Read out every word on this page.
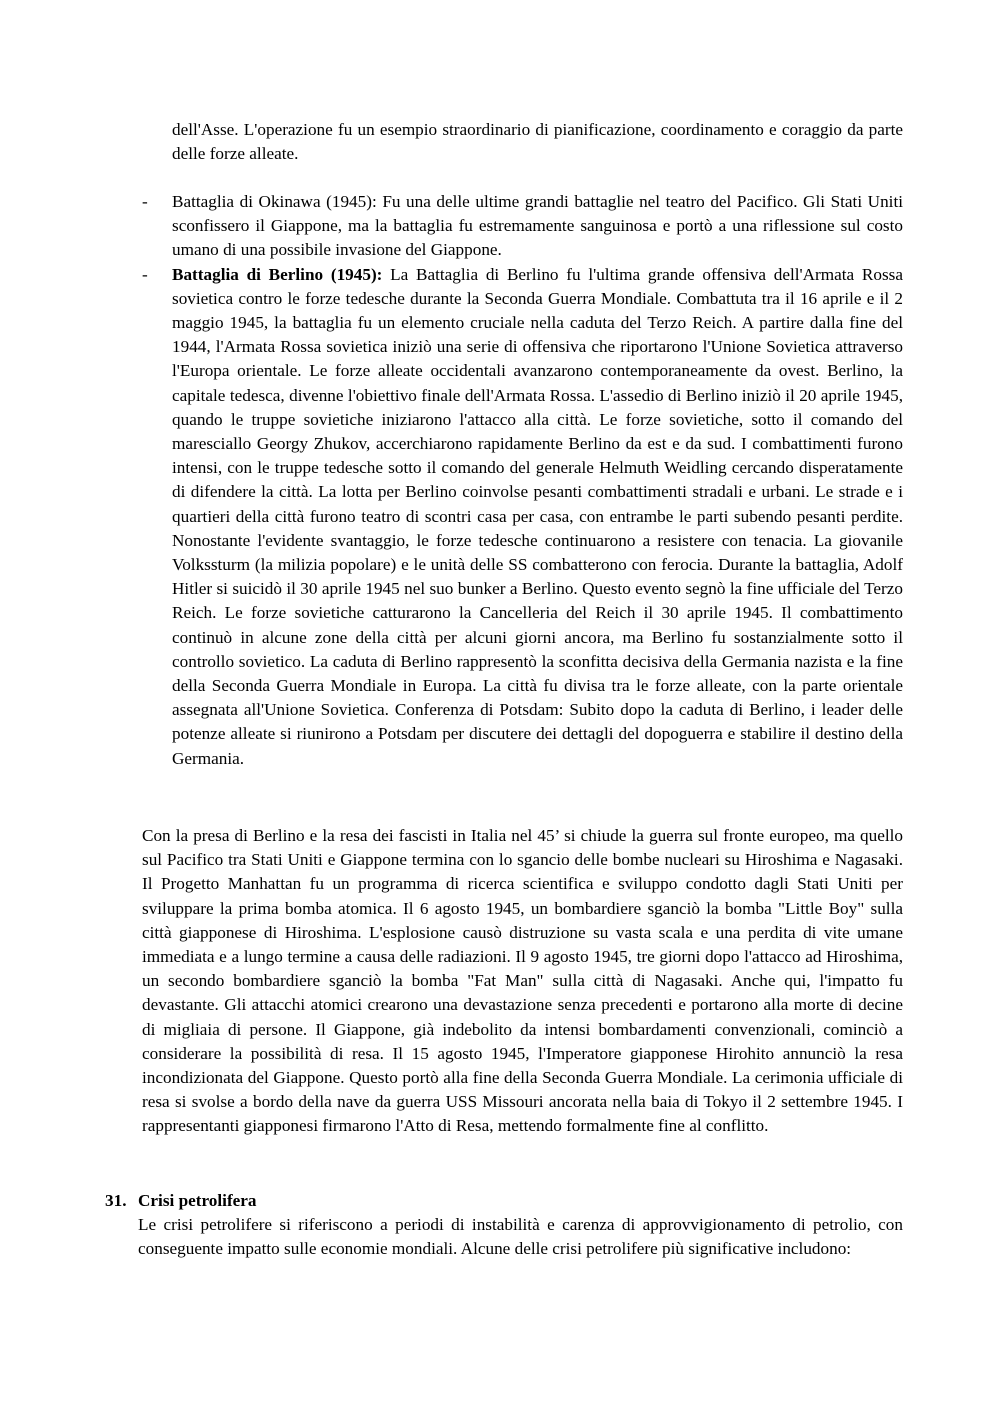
dell'Asse. L'operazione fu un esempio straordinario di pianificazione, coordinamento e coraggio da parte delle forze alleate.

- Battaglia di Okinawa (1945): Fu una delle ultime grandi battaglie nel teatro del Pacifico. Gli Stati Uniti sconfissero il Giappone, ma la battaglia fu estremamente sanguinosa e portò a una riflessione sul costo umano di una possibile invasione del Giappone.
- Battaglia di Berlino (1945): La Battaglia di Berlino fu l'ultima grande offensiva dell'Armata Rossa sovietica contro le forze tedesche durante la Seconda Guerra Mondiale. Combattuta tra il 16 aprile e il 2 maggio 1945, la battaglia fu un elemento cruciale nella caduta del Terzo Reich. A partire dalla fine del 1944, l'Armata Rossa sovietica iniziò una serie di offensiva che riportarono l'Unione Sovietica attraverso l'Europa orientale. Le forze alleate occidentali avanzarono contemporaneamente da ovest. Berlino, la capitale tedesca, divenne l'obiettivo finale dell'Armata Rossa. L'assedio di Berlino iniziò il 20 aprile 1945, quando le truppe sovietiche iniziarono l'attacco alla città. Le forze sovietiche, sotto il comando del maresciallo Georgy Zhukov, accerchiarono rapidamente Berlino da est e da sud. I combattimenti furono intensi, con le truppe tedesche sotto il comando del generale Helmuth Weidling cercando disperatamente di difendere la città. La lotta per Berlino coinvolse pesanti combattimenti stradali e urbani. Le strade e i quartieri della città furono teatro di scontri casa per casa, con entrambe le parti subendo pesanti perdite. Nonostante l'evidente svantaggio, le forze tedesche continuarono a resistere con tenacia. La giovanile Volkssturm (la milizia popolare) e le unità delle SS combatterono con ferocia. Durante la battaglia, Adolf Hitler si suicidò il 30 aprile 1945 nel suo bunker a Berlino. Questo evento segnò la fine ufficiale del Terzo Reich. Le forze sovietiche catturarono la Cancelleria del Reich il 30 aprile 1945. Il combattimento continuò in alcune zone della città per alcuni giorni ancora, ma Berlino fu sostanzialmente sotto il controllo sovietico. La caduta di Berlino rappresentò la sconfitta decisiva della Germania nazista e la fine della Seconda Guerra Mondiale in Europa. La città fu divisa tra le forze alleate, con la parte orientale assegnata all'Unione Sovietica. Conferenza di Potsdam: Subito dopo la caduta di Berlino, i leader delle potenze alleate si riunirono a Potsdam per discutere dei dettagli del dopoguerra e stabilire il destino della Germania.

Con la presa di Berlino e la resa dei fascisti in Italia nel 45’ si chiude la guerra sul fronte europeo, ma quello sul Pacifico tra Stati Uniti e Giappone termina con lo sgancio delle bombe nucleari su Hiroshima e Nagasaki. Il Progetto Manhattan fu un programma di ricerca scientifica e sviluppo condotto dagli Stati Uniti per sviluppare la prima bomba atomica. Il 6 agosto 1945, un bombardiere sganciò la bomba "Little Boy" sulla città giapponese di Hiroshima. L'esplosione causò distruzione su vasta scala e una perdita di vite umane immediata e a lungo termine a causa delle radiazioni. Il 9 agosto 1945, tre giorni dopo l'attacco ad Hiroshima, un secondo bombardiere sganciò la bomba "Fat Man" sulla città di Nagasaki. Anche qui, l'impatto fu devastante. Gli attacchi atomici crearono una devastazione senza precedenti e portarono alla morte di decine di migliaia di persone. Il Giappone, già indebolito da intensi bombardamenti convenzionali, cominciò a considerare la possibilità di resa. Il 15 agosto 1945, l'Imperatore giapponese Hirohito annunciò la resa incondizionata del Giappone. Questo portò alla fine della Seconda Guerra Mondiale. La cerimonia ufficiale di resa si svolse a bordo della nave da guerra USS Missouri ancorata nella baia di Tokyo il 2 settembre 1945. I rappresentanti giapponesi firmarono l'Atto di Resa, mettendo formalmente fine al conflitto.

31. Crisi petrolifera

Le crisi petrolifere si riferiscono a periodi di instabilità e carenza di approvvigionamento di petrolio, con conseguente impatto sulle economie mondiali. Alcune delle crisi petrolifere più significative includono:
